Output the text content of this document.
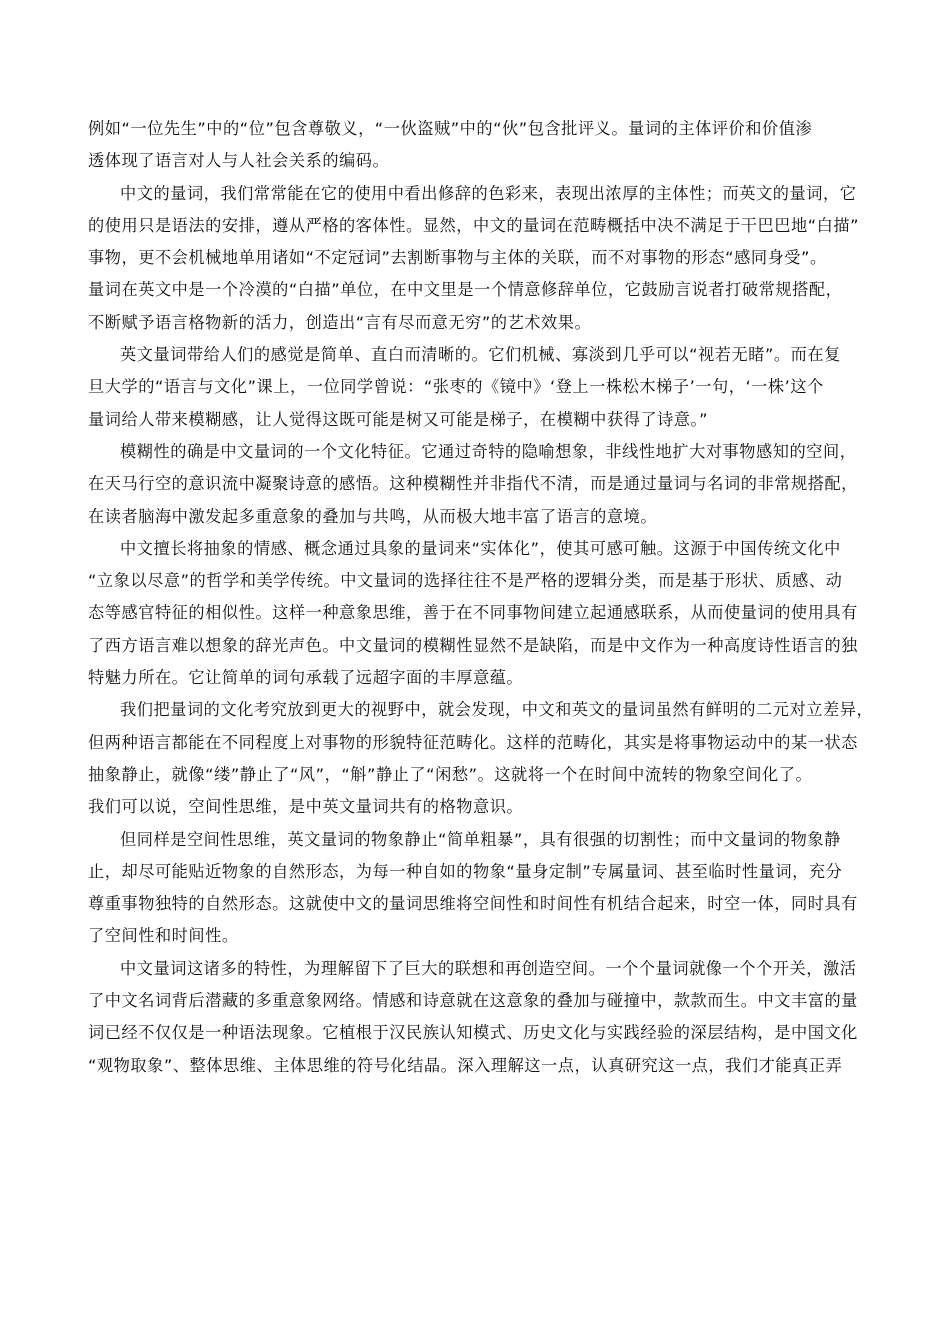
例如“一位先生”中的“位”包含尊敬义，“一伙盗贼”中的“伙”包含批评义。量词的主体评价和价值渗
透体现了语言对人与人社会关系的编码。
中文的量词，我们常常能在它的使用中看出修辞的色彩来，表现出浓厚的主体性；而英文的量词，它
的使用只是语法的安排，遵从严格的客体性。显然，中文的量词在范畴概括中决不满足于干巴巴地“白描”
事物，更不会机械地单用诸如“不定冠词”去割断事物与主体的关联，而不对事物的形态“感同身受”。
量词在英文中是一个冷漠的“白描”单位，在中文里是一个情意修辞单位，它鼓励言说者打破常规搭配，
不断赋予语言格物新的活力，创造出“言有尽而意无穷”的艺术效果。
英文量词带给人们的感觉是简单、直白而清晰的。它们机械、寡淡到几乎可以“视若无睹”。而在复
旦大学的“语言与文化”课上，一位同学曾说：“张枣的《镜中》‘登上一株松木梯子’一句，‘一株’这个
量词给人带来模糊感，让人觉得这既可能是树又可能是梯子，在模糊中获得了诗意。”
模糊性的确是中文量词的一个文化特征。它通过奇特的隐喻想象，非线性地扩大对事物感知的空间，
在天马行空的意识流中凝聚诗意的感悟。这种模糊性并非指代不清，而是通过量词与名词的非常规搭配，
在读者脑海中激发起多重意象的叠加与共鸣，从而极大地丰富了语言的意境。
中文擅长将抽象的情感、概念通过具象的量词来“实体化”，使其可感可触。这源于中国传统文化中
“立象以尽意”的哲学和美学传统。中文量词的选择往往不是严格的逻辑分类，而是基于形状、质感、动
态等感官特征的相似性。这样一种意象思维，善于在不同事物间建立起通感联系，从而使量词的使用具有
了西方语言难以想象的辞光声色。中文量词的模糊性显然不是缺陷，而是中文作为一种高度诗性语言的独
特魅力所在。它让简单的词句承载了远超字面的丰厚意蕴。
我们把量词的文化考究放到更大的视野中，就会发现，中文和英文的量词虽然有鲜明的二元对立差异，
但两种语言都能在不同程度上对事物的形貌特征范畴化。这样的范畴化，其实是将事物运动中的某一状态
抽象静止，就像“缕”静止了“风”，“斛”静止了“闲愁”。这就将一个在时间中流转的物象空间化了。
我们可以说，空间性思维，是中英文量词共有的格物意识。
但同样是空间性思维，英文量词的物象静止“简单粗暴”，具有很强的切割性；而中文量词的物象静
止，却尽可能贴近物象的自然形态，为每一种自如的物象“量身定制”专属量词、甚至临时性量词，充分
尊重事物独特的自然形态。这就使中文的量词思维将空间性和时间性有机结合起来，时空一体，同时具有
了空间性和时间性。
中文量词这诸多的特性，为理解留下了巨大的联想和再创造空间。一个个量词就像一个个开关，激活
了中文名词背后潜藏的多重意象网络。情感和诗意就在这意象的叠加与碰撞中，款款而生。中文丰富的量
词已经不仅仅是一种语法现象。它植根于汉民族认知模式、历史文化与实践经验的深层结构，是中国文化
“观物取象”、整体思维、主体思维的符号化结晶。深入理解这一点，认真研究这一点，我们才能真正弄
